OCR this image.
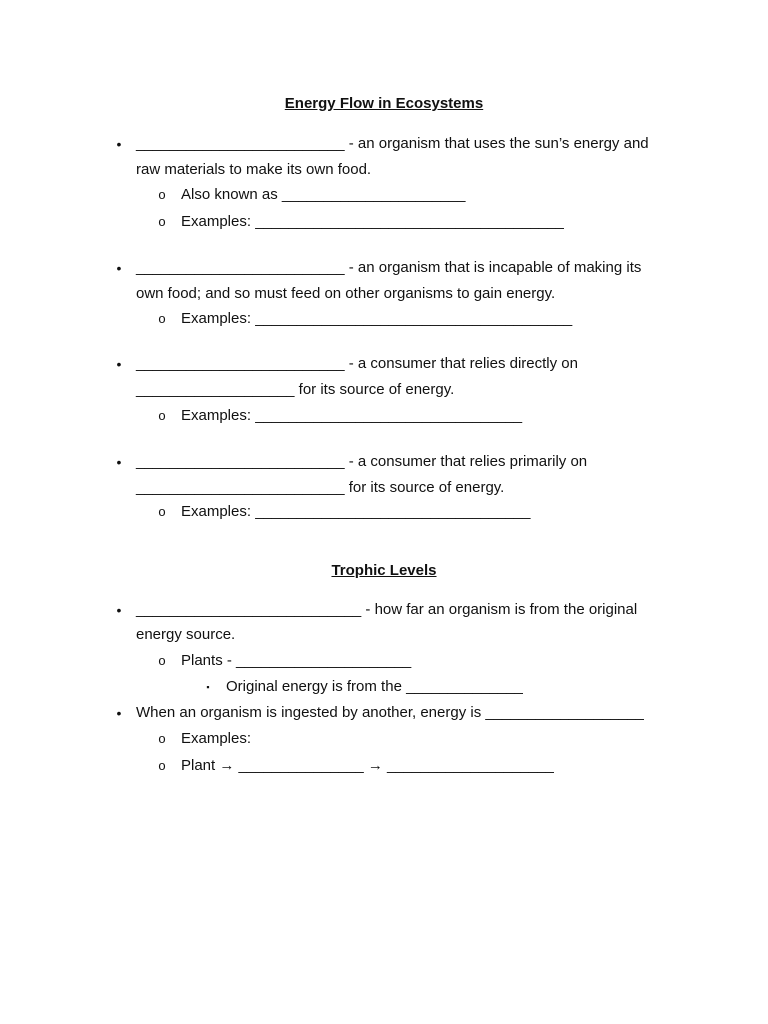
Energy Flow in Ecosystems
• _________________________ - an organism that uses the sun’s energy and
raw materials to make its own food.
o Also known as ______________________
o Examples: _____________________________________
• _________________________ - an organism that is incapable of making its
own food; and so must feed on other organisms to gain energy.
o Examples: ______________________________________
• _________________________ - a consumer that relies directly on
___________________ for its source of energy.
o Examples: ________________________________
• _________________________ - a consumer that relies primarily on
_________________________ for its source of energy.
o Examples: _________________________________
Trophic Levels
• ___________________________ - how far an organism is from the original
energy source.
o Plants - _____________________
▪ Original energy is from the ______________
• When an organism is ingested by another, energy is ___________________
o Examples:
o Plant → _______________ → ____________________
